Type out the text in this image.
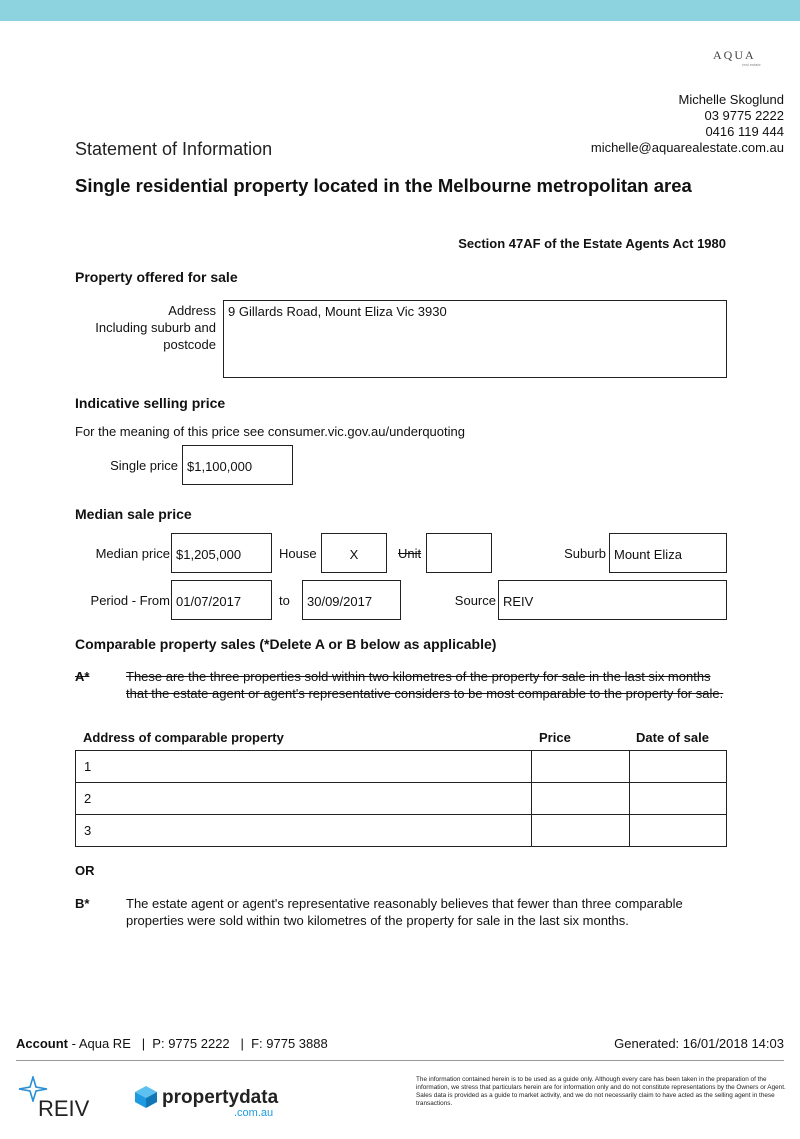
AQUA
real estate
Michelle Skoglund
03 9775 2222
0416 119 444
michelle@aquarealestate.com.au
Statement of Information
Single residential property located in the Melbourne metropolitan area
Section 47AF of the Estate Agents Act 1980
Property offered for sale
Address
Including suburb and
postcode
9 Gillards Road, Mount Eliza Vic 3930
Indicative selling price
For the meaning of this price see consumer.vic.gov.au/underquoting
Single price $1,100,000
Median sale price
Median price $1,205,000	House	X	Unit	Suburb Mount Eliza
Period - From 01/07/2017	to	30/09/2017	Source REIV
Comparable property sales (*Delete A or B below as applicable)
A*	These are the three properties sold within two kilometres of the property for sale in the last six months that the estate agent or agent's representative considers to be most comparable to the property for sale.
Address of comparable property	Price	Date of sale
1		
2		
3		
OR
B*	The estate agent or agent's representative reasonably believes that fewer than three comparable properties were sold within two kilometres of the property for sale in the last six months.
Account - Aqua RE   |  P: 9775 2222   |  F: 9775 3888	Generated: 16/01/2018 14:03
REIV	propertydata
.com.au
The information contained herein is to be used as a guide only. Although every care has been taken in the preparation of the information, we stress that particulars herein are for information only and do not constitute representations by the Owners or Agent. Sales data is provided as a guide to market activity, and we do not necessarily claim to have acted as the selling agent in these transactions.
